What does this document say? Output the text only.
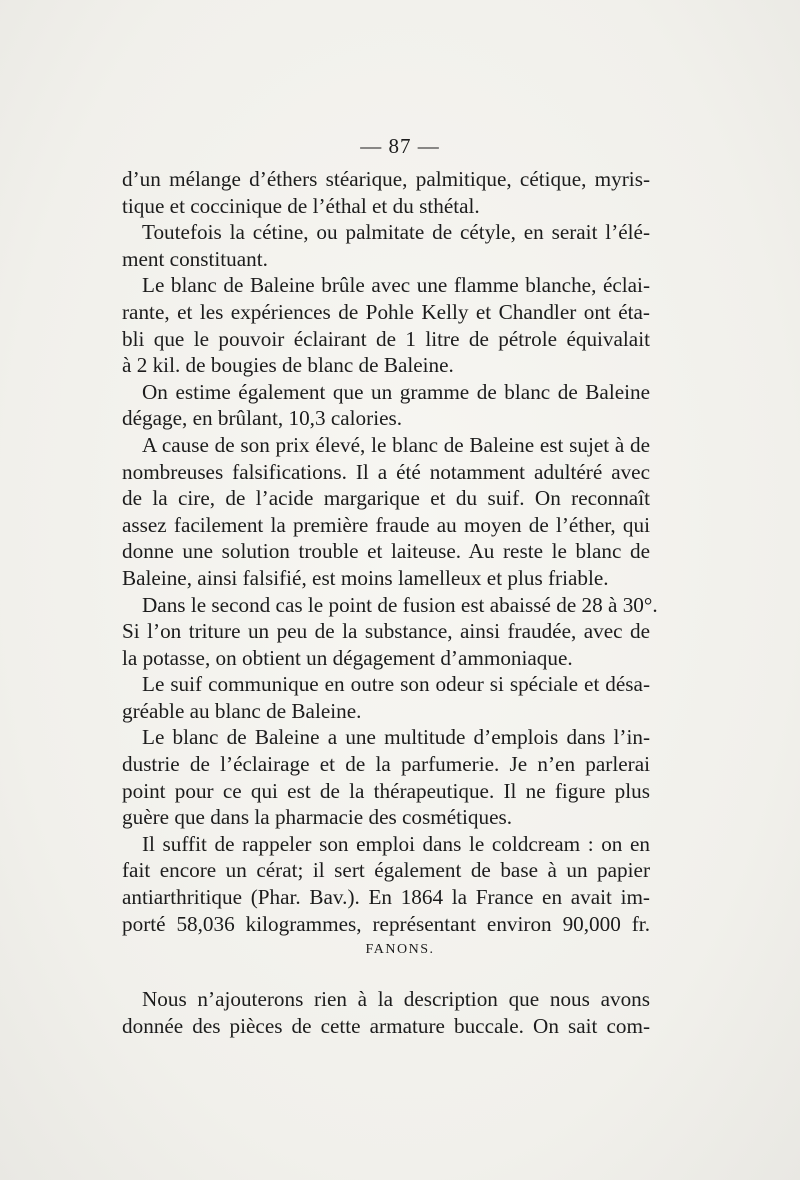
— 87 —
d’un mélange d’éthers stéarique, palmitique, cétique, myris-
tique et coccinique de l’éthal et du sthétal.
Toutefois la cétine, ou palmitate de cétyle, en serait l’élé-
ment constituant.
Le blanc de Baleine brûle avec une flamme blanche, éclai-
rante, et les expériences de Pohle Kelly et Chandler ont éta-
bli que le pouvoir éclairant de 1 litre de pétrole équivalait
à 2 kil. de bougies de blanc de Baleine.
On estime également que un gramme de blanc de Baleine
dégage, en brûlant, 10,3 calories.
A cause de son prix élevé, le blanc de Baleine est sujet à de
nombreuses falsifications. Il a été notamment adultéré avec
de la cire, de l’acide margarique et du suif. On reconnaît
assez facilement la première fraude au moyen de l’éther, qui
donne une solution trouble et laiteuse. Au reste le blanc de
Baleine, ainsi falsifié, est moins lamelleux et plus friable.
Dans le second cas le point de fusion est abaissé de 28 à 30°.
Si l’on triture un peu de la substance, ainsi fraudée, avec de
la potasse, on obtient un dégagement d’ammoniaque.
Le suif communique en outre son odeur si spéciale et désa-
gréable au blanc de Baleine.
Le blanc de Baleine a une multitude d’emplois dans l’in-
dustrie de l’éclairage et de la parfumerie. Je n’en parlerai
point pour ce qui est de la thérapeutique. Il ne figure plus
guère que dans la pharmacie des cosmétiques.
Il suffit de rappeler son emploi dans le coldcream : on en
fait encore un cérat; il sert également de base à un papier
antiarthritique (Phar. Bav.). En 1864 la France en avait im-
porté 58,036 kilogrammes, représentant environ 90,000 fr.
FANONS.
Nous n’ajouterons rien à la description que nous avons
donnée des pièces de cette armature buccale. On sait com-
